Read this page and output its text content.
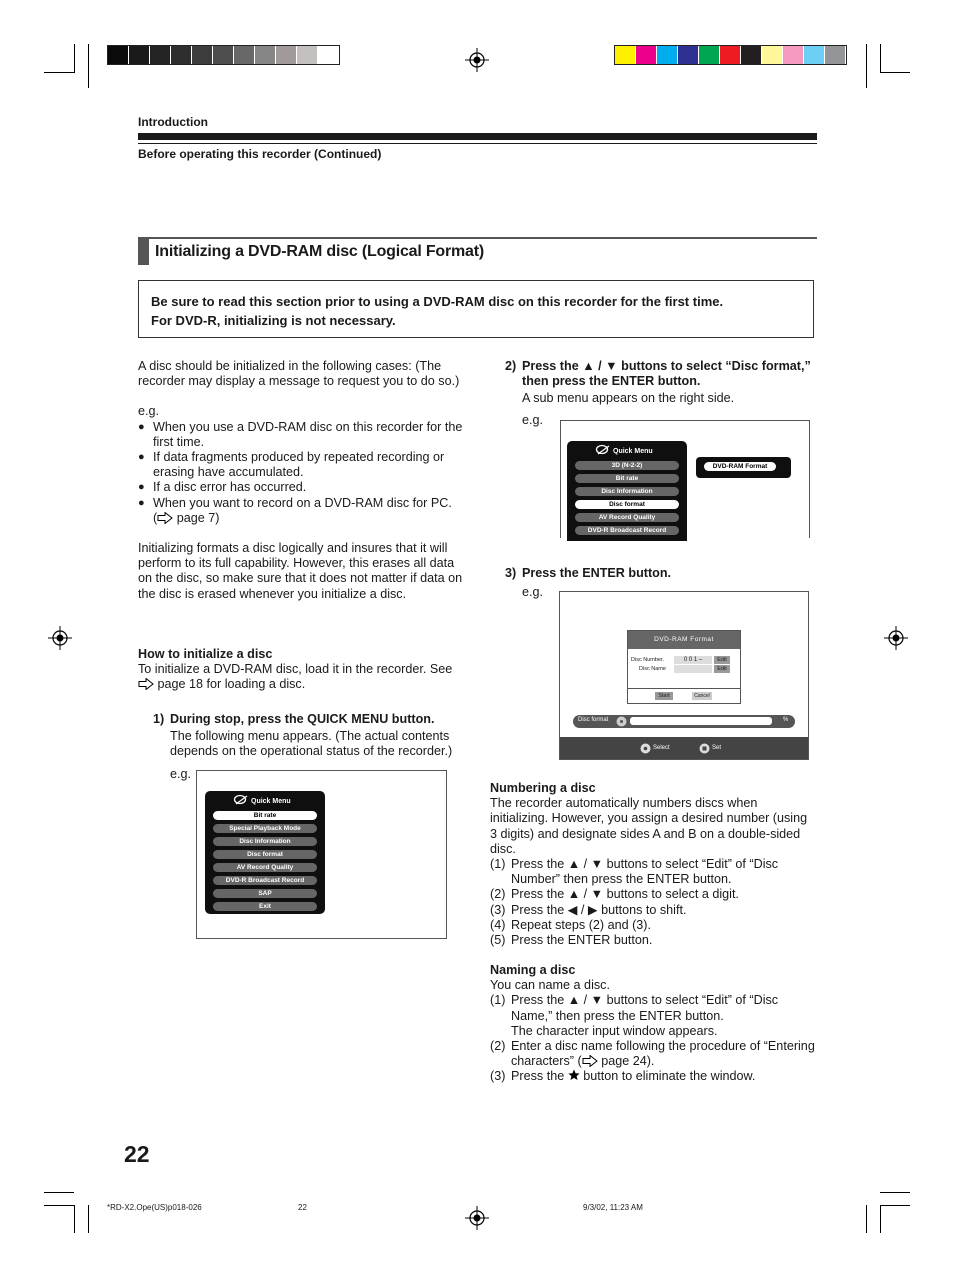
Introduction
Before operating this recorder (Continued)
Initializing a DVD-RAM disc (Logical Format)
Be sure to read this section prior to using a DVD-RAM disc on this recorder for the first time.
For DVD-R, initializing is not necessary.
A disc should be initialized in the following cases: (The recorder may display a message to request you to do so.)
e.g.
● When you use a DVD-RAM disc on this recorder for the first time.
● If data fragments produced by repeated recording or erasing have accumulated.
● If a disc error has occurred.
● When you want to record on a DVD-RAM disc for PC.
( page 7)
Initializing formats a disc logically and insures that it will perform to its full capability. However, this erases all data on the disc, so make sure that it does not matter if data on the disc is erased whenever you initialize a disc.
How to initialize a disc
To initialize a DVD-RAM disc, load it in the recorder. See
page 18 for loading a disc.
1) During stop, press the QUICK MENU button.
The following menu appears. (The actual contents depends on the operational status of the recorder.)
e.g.
Quick Menu
Bit rate
Special Playback Mode
Disc Information
Disc format
AV Record Quality
DVD-R Broadcast Record
SAP
Exit
2) Press the ▲ / ▼ buttons to select “Disc format,” then press the ENTER button.
A sub menu appears on the right side.
e.g.
Quick Menu
3D (N-2-2)
Bit rate
Disc Information
Disc format
AV Record Quality
DVD-R Broadcast Record
DVD-RAM Format
3) Press the ENTER button.
e.g.
DVD-RAM Format
Disc Number.	0 0 1 –	Edit
Disc Name	Edit
Start	Cancel
Disc format	%
Select	Set
Numbering a disc
The recorder automatically numbers discs when initializing. However, you assign a desired number (using 3 digits) and designate sides A and B on a double-sided disc.
(1) Press the ▲ / ▼ buttons to select “Edit” of “Disc Number” then press the ENTER button.
(2) Press the ▲ / ▼ buttons to select a digit.
(3) Press the ◀ / ▶ buttons to shift.
(4) Repeat steps (2) and (3).
(5) Press the ENTER button.
Naming a disc
You can name a disc.
(1) Press the ▲ / ▼ buttons to select “Edit” of “Disc Name,” then press the ENTER button.
The character input window appears.
(2) Enter a disc name following the procedure of “Entering characters” ( page 24).
(3) Press the button to eliminate the window.
22
*RD-X2.Ope(US)p018-026	22	9/3/02, 11:23 AM
